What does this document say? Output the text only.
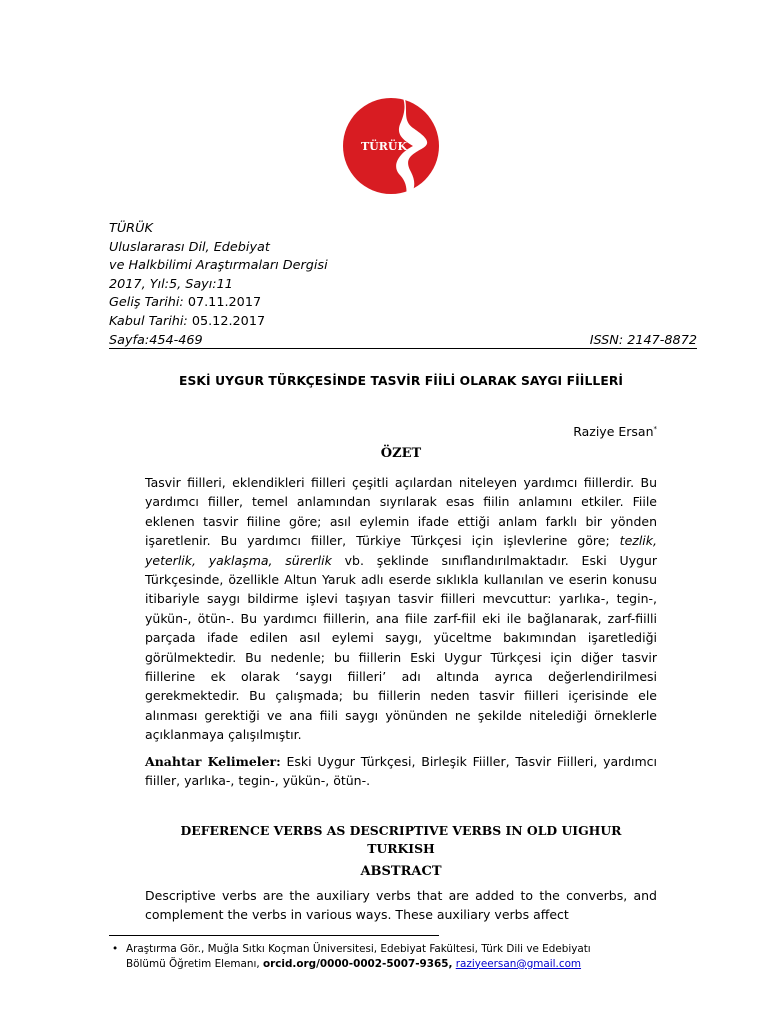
TÜRÜK
TÜRÜK
Uluslararası Dil, Edebiyat
ve Halkbilimi Araştırmaları Dergisi
2017, Yıl:5, Sayı:11
Geliş Tarihi: 07.11.2017
Kabul Tarihi: 05.12.2017
Sayfa:454-469	ISSN: 2147-8872
ESKİ UYGUR TÜRKÇESİNDE TASVİR FİİLİ OLARAK SAYGI FİİLLERİ
Raziye Ersan*
ÖZET
Tasvir fiilleri, eklendikleri fiilleri çeşitli açılardan niteleyen yardımcı fiillerdir. Bu yardımcı fiiller, temel anlamından sıyrılarak esas fiilin anlamını etkiler. Fiile eklenen tasvir fiiline göre; asıl eylemin ifade ettiği anlam farklı bir yönden işaretlenir. Bu yardımcı fiiller, Türkiye Türkçesi için işlevlerine göre; tezlik, yeterlik, yaklaşma, sürerlik vb. şeklinde sınıflandırılmaktadır. Eski Uygur Türkçesinde, özellikle Altun Yaruk adlı eserde sıklıkla kullanılan ve eserin konusu itibariyle saygı bildirme işlevi taşıyan tasvir fiilleri mevcuttur: yarlıka-, tegin-, yükün-, ötün-. Bu yardımcı fiillerin, ana fiile zarf-fiil eki ile bağlanarak, zarf-fiilli parçada ifade edilen asıl eylemi saygı, yüceltme bakımından işaretlediği görülmektedir. Bu nedenle; bu fiillerin Eski Uygur Türkçesi için diğer tasvir fiillerine ek olarak ‘saygı fiilleri’ adı altında ayrıca değerlendirilmesi gerekmektedir. Bu çalışmada; bu fiillerin neden tasvir fiilleri içerisinde ele alınması gerektiği ve ana fiili saygı yönünden ne şekilde nitelediği örneklerle açıklanmaya çalışılmıştır.
Anahtar Kelimeler: Eski Uygur Türkçesi, Birleşik Fiiller, Tasvir Fiilleri, yardımcı fiiller, yarlıka-, tegin-, yükün-, ötün-.
DEFERENCE VERBS AS DESCRIPTIVE VERBS IN OLD UIGHUR
TURKISH
ABSTRACT
Descriptive verbs are the auxiliary verbs that are added to the converbs, and complement the verbs in various ways. These auxiliary verbs affect
• Araştırma Gör., Muğla Sıtkı Koçman Üniversitesi, Edebiyat Fakültesi, Türk Dili ve Edebiyatı
Bölümü Öğretim Elemanı, orcid.org/0000-0002-5007-9365, raziyeersan@gmail.com
